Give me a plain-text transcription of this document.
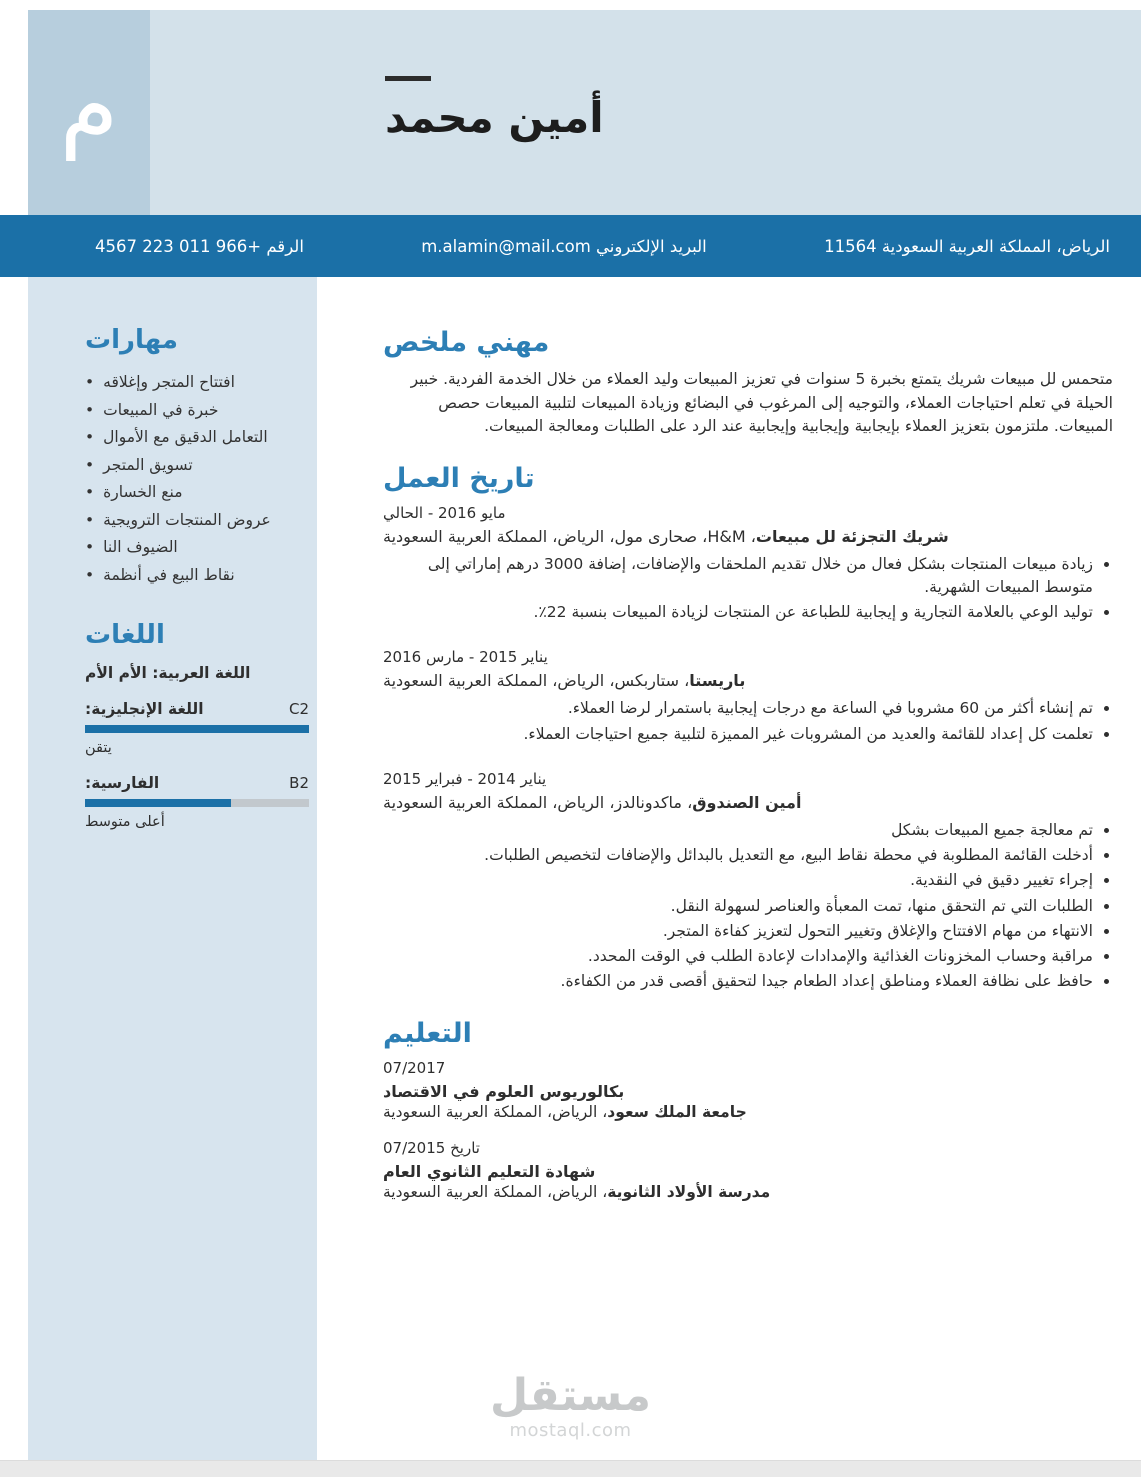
م	أمين محمد
الرقم +966 011 223 4567	البريد الإلكتروني m.alamin@mail.com	الرياض، المملكة العربية السعودية 11564
مهارات
• افتتاح المتجر وإغلاقه
• خبرة في المبيعات
• التعامل الدقيق مع الأموال
• تسويق المتجر
• منع الخسارة
• عروض المنتجات الترويجية
• الضيوف النا
• نقاط البيع في أنظمة
اللغات

اللغة العربية: الأم الأم

اللغة الإنجليزية:	C2
يتقن
الفارسية:	B2
أعلى متوسط
مهني ملخص

متحمس لل مبيعات شريك يتمتع بخبرة 5 سنوات في تعزيز المبيعات وليد العملاء من خلال الخدمة الفردية. خبير الحيلة في تعلم احتياجات العملاء، والتوجيه إلى المرغوب في البضائع وزيادة المبيعات لتلبية المبيعات حصص المبيعات. ملتزمون بتعزيز العملاء بإيجابية وإيجابية وإيجابية عند الرد على الطلبات ومعالجة المبيعات.

تاريخ العمل
مايو 2016 - الحالي
شريك التجزئة لل مبيعات، H&M، صحارى مول، الرياض، المملكة العربية السعودية
• زيادة مبيعات المنتجات بشكل فعال من خلال تقديم الملحقات والإضافات، إضافة 3000 درهم إماراتي إلى متوسط المبيعات الشهرية.
• توليد الوعي بالعلامة التجارية و إيجابية للطباعة عن المنتجات لزيادة المبيعات بنسبة 22٪.
يناير 2015 - مارس 2016
باريستا، ستاربكس، الرياض، المملكة العربية السعودية
• تم إنشاء أكثر من 60 مشروبا في الساعة مع درجات إيجابية باستمرار لرضا العملاء.
• تعلمت كل إعداد للقائمة والعديد من المشروبات غير المميزة لتلبية جميع احتياجات العملاء.
يناير 2014 - فبراير 2015
أمين الصندوق، ماكدونالدز، الرياض، المملكة العربية السعودية
• تم معالجة جميع المبيعات بشكل
• أدخلت القائمة المطلوبة في محطة نقاط البيع، مع التعديل بالبدائل والإضافات لتخصيص الطلبات.
• إجراء تغيير دقيق في النقدية.
• الطلبات التي تم التحقق منها، تمت المعبأة والعناصر لسهولة النقل.
• الانتهاء من مهام الافتتاح والإغلاق وتغيير التحول لتعزيز كفاءة المتجر.
• مراقبة وحساب المخزونات الغذائية والإمدادات لإعادة الطلب في الوقت المحدد.
• حافظ على نظافة العملاء ومناطق إعداد الطعام جيدا لتحقيق أقصى قدر من الكفاءة.
التعليم
07/2017
بكالوريوس العلوم في الاقتصاد
جامعة الملك سعود، الرياض، المملكة العربية السعودية
تاريخ 07/2015
شهادة التعليم الثانوي العام
مدرسة الأولاد الثانوية، الرياض، المملكة العربية السعودية
مستقل
mostaql.com
